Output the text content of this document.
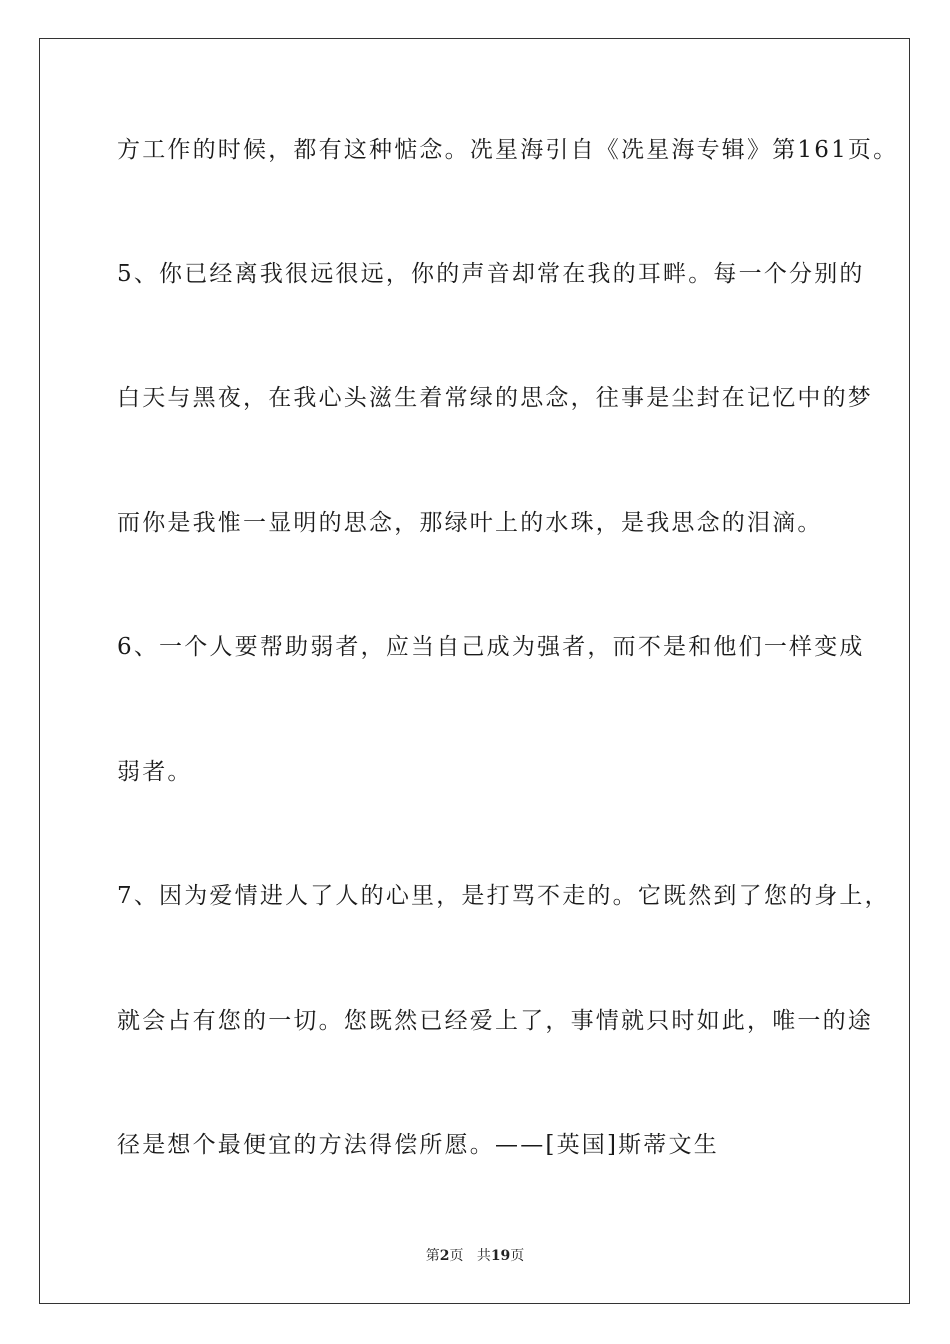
方工作的时候，都有这种惦念。冼星海引自《冼星海专辑》第161页。
5、你已经离我很远很远，你的声音却常在我的耳畔。每一个分别的
白天与黑夜，在我心头滋生着常绿的思念，往事是尘封在记忆中的梦
而你是我惟一显明的思念，那绿叶上的水珠，是我思念的泪滴。
6、一个人要帮助弱者，应当自己成为强者，而不是和他们一样变成
弱者。
7、因为爱情进人了人的心里，是打骂不走的。它既然到了您的身上，
就会占有您的一切。您既然已经爱上了，事情就只时如此，唯一的途
径是想个最便宜的方法得偿所愿。——[英国]斯蒂文生
第2页 共19页
